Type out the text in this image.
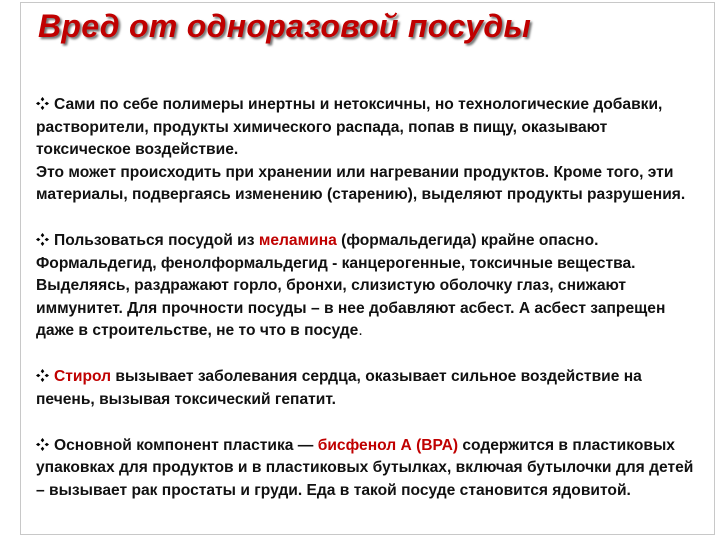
Вред от одноразовой посуды

Сами по себе полимеры инертны и нетоксичны, но технологические добавки, растворители, продукты химического распада, попав в пищу, оказывают токсическое воздействие.

Это может происходить при хранении или нагревании продуктов. Кроме того, эти материалы, подвергаясь изменению (старению), выделяют продукты разрушения.

Пользоваться посудой из меламина (формальдегида) крайне опасно. Формальдегид, фенолформальдегид - канцерогенные, токсичные вещества. Выделяясь, раздражают горло, бронхи, слизистую оболочку глаз, снижают иммунитет. Для прочности посуды – в нее добавляют асбест. А асбест запрещен даже в строительстве, не то что в посуде.

Стирол вызывает заболевания сердца, оказывает сильное воздействие на печень, вызывая токсический гепатит.

Основной компонент пластика — бисфенол А (ВРА) содержится в пластиковых упаковках для продуктов и в пластиковых бутылках, включая бутылочки для детей – вызывает рак простаты и груди. Еда в такой посуде становится ядовитой.
